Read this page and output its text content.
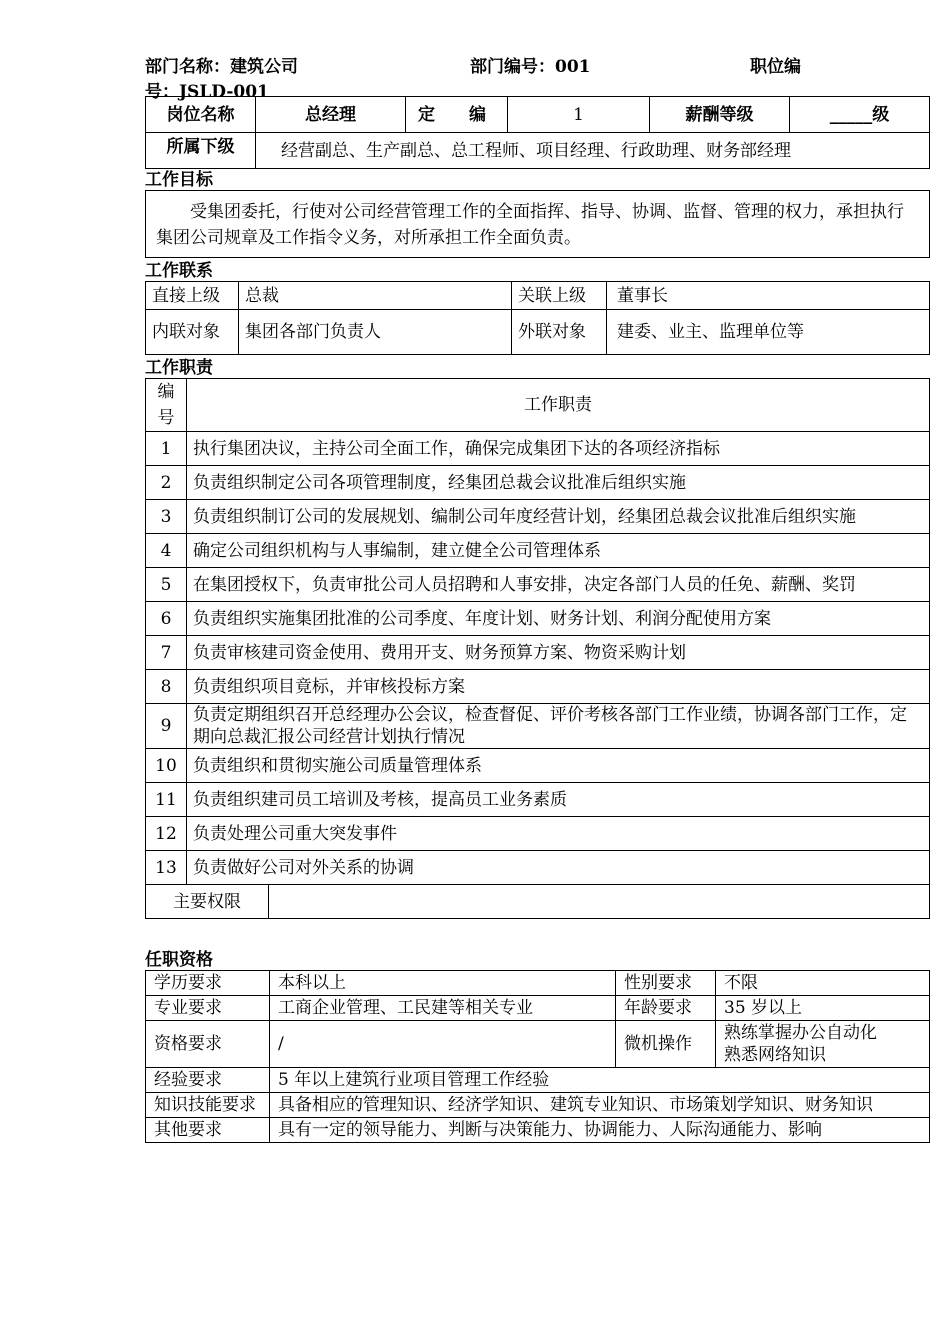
部门名称：建筑公司	部门编号：001	职位编
号：JSLD-001
岗位名称	总经理	定　　编	1	薪酬等级	_____级
所属下级	经营副总、生产副总、总工程师、项目经理、行政助理、财务部经理				
工作目标
受集团委托，行使对公司经营管理工作的全面指挥、指导、协调、监督、管理的权力，承担执行集团公司规章及工作指令义务，对所承担工作全面负责。
工作联系
直接上级	总裁	关联上级	董事长
内联对象	集团各部门负责人	外联对象	建委、业主、监理单位等
工作职责
编号	工作职责	
1	执行集团决议，主持公司全面工作，确保完成集团下达的各项经济指标	
2	负责组织制定公司各项管理制度，经集团总裁会议批准后组织实施	
3	负责组织制订公司的发展规划、编制公司年度经营计划，经集团总裁会议批准后组织实施	
4	确定公司组织机构与人事编制，建立健全公司管理体系	
5	在集团授权下，负责审批公司人员招聘和人事安排，决定各部门人员的任免、薪酬、奖罚	
6	负责组织实施集团批准的公司季度、年度计划、财务计划、利润分配使用方案	
7	负责审核建司资金使用、费用开支、财务预算方案、物资采购计划	
8	负责组织项目竟标，并审核投标方案	
9	负责定期组织召开总经理办公会议，检查督促、评价考核各部门工作业绩，协调各部门工作，定期向总裁汇报公司经营计划执行情况	
10	负责组织和贯彻实施公司质量管理体系	
11	负责组织建司员工培训及考核，提高员工业务素质	
12	负责处理公司重大突发事件	
13	负责做好公司对外关系的协调	
主要权限		
任职资格
学历要求	本科以上	性别要求	不限
专业要求	工商企业管理、工民建等相关专业	年龄要求	35 岁以上
资格要求	/	微机操作	熟练掌握办公自动化
熟悉网络知识

经验要求	5 年以上建筑行业项目管理工作经验		
知识技能要求	具备相应的管理知识、经济学知识、建筑专业知识、市场策划学知识、财务知识		
其他要求	具有一定的领导能力、判断与决策能力、协调能力、人际沟通能力、影响		
